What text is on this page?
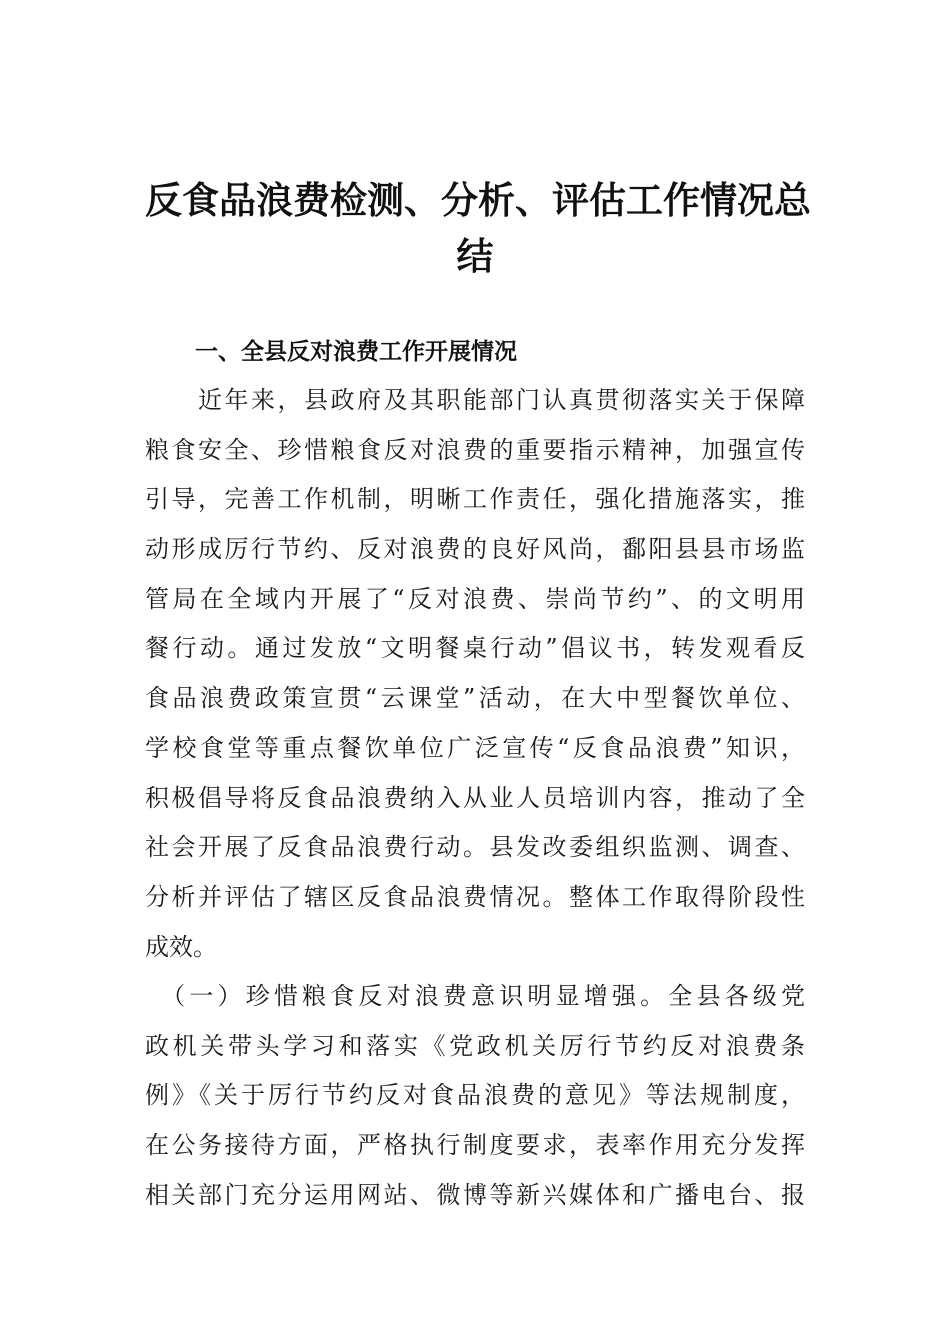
反食品浪费检测、分析、评估工作情况总
结
一、全县反对浪费工作开展情况

　　近年来，县政府及其职能部门认真贯彻落实关于保障
粮食安全、珍惜粮食反对浪费的重要指示精神，加强宣传
引导，完善工作机制，明晰工作责任，强化措施落实，推
动形成厉行节约、反对浪费的良好风尚，鄱阳县县市场监
管局在全域内开展了“反对浪费、崇尚节约”、的文明用
餐行动。通过发放“文明餐桌行动”倡议书，转发观看反
食品浪费政策宣贯“云课堂”活动，在大中型餐饮单位、
学校食堂等重点餐饮单位广泛宣传“反食品浪费”知识，
积极倡导将反食品浪费纳入从业人员培训内容，推动了全
社会开展了反食品浪费行动。县发改委组织监测、调查、
分析并评估了辖区反食品浪费情况。整体工作取得阶段性
成效。

　（一）珍惜粮食反对浪费意识明显增强。全县各级党
政机关带头学习和落实《党政机关厉行节约反对浪费条
例》《关于厉行节约反对食品浪费的意见》等法规制度，
在公务接待方面，严格执行制度要求，表率作用充分发挥
相关部门充分运用网站、微博等新兴媒体和广播电台、报
